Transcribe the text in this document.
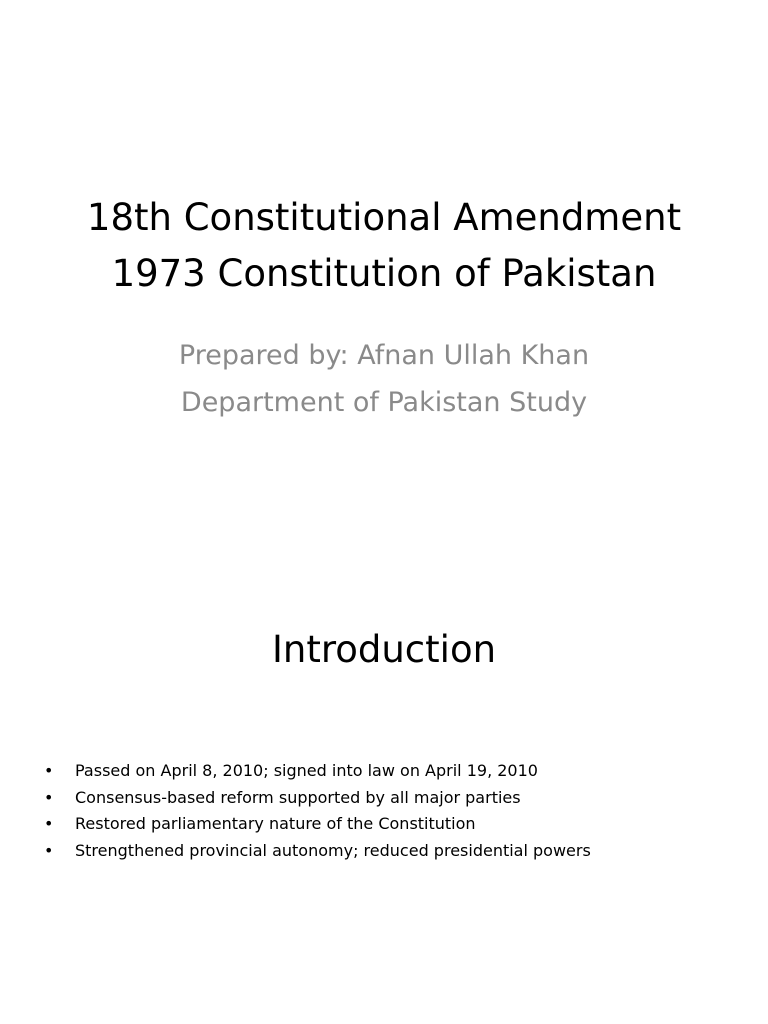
18th Constitutional Amendment
1973 Constitution of Pakistan
Prepared by: Afnan Ullah Khan
Department of Pakistan Study
Introduction
• Passed on April 8, 2010; signed into law on April 19, 2010
• Consensus-based reform supported by all major parties
• Restored parliamentary nature of the Constitution
• Strengthened provincial autonomy; reduced presidential powers
